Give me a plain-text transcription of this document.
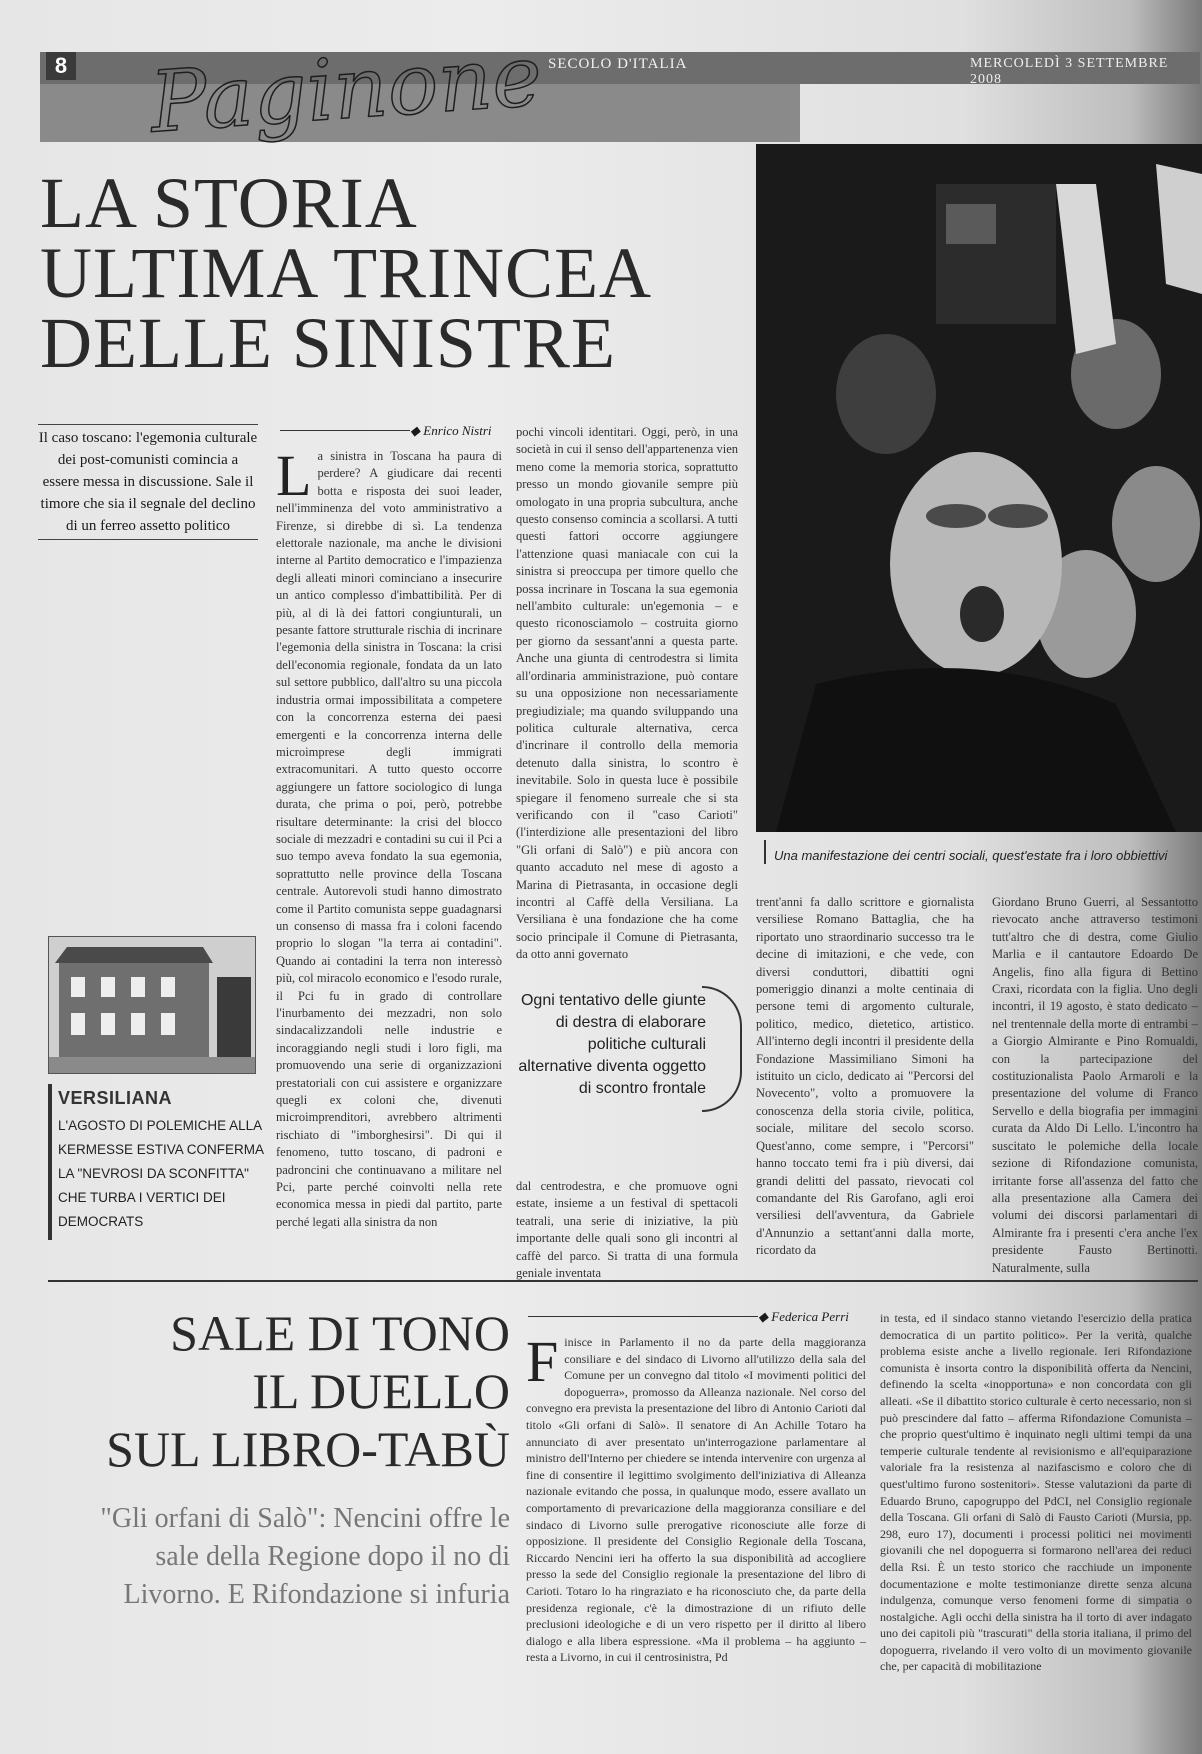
8 Paginone SECOLO D'ITALIA	MERCOLEDÌ 3 SETTEMBRE 2008
LA STORIA
ULTIMA TRINCEA
DELLE SINISTRE
Il caso toscano: l'egemonia culturale dei post-comunisti comincia a essere messa in discussione. Sale il timore che sia il segnale del declino di un ferreo assetto politico
◆ Enrico Nistri
L a sinistra in Toscana ha paura di perdere? A giudicare dai recenti botta e risposta dei suoi leader, nell'imminenza del voto amministrativo a Firenze, si direbbe di sì. La tendenza elettorale nazionale, ma anche le divisioni interne al Partito democratico e l'impazienza degli alleati minori cominciano a insecurire un antico complesso d'imbattibilità. Per di più, al di là dei fattori congiunturali, un pesante fattore strutturale rischia di incrinare l'egemonia della sinistra in Toscana: la crisi dell'economia regionale, fondata da un lato sul settore pubblico, dall'altro su una piccola industria ormai impossibilitata a competere con la concorrenza esterna dei paesi emergenti e la concorrenza interna delle microimprese degli immigrati extracomunitari. A tutto questo occorre aggiungere un fattore sociologico di lunga durata, che prima o poi, però, potrebbe risultare determinante: la crisi del blocco sociale di mezzadri e contadini su cui il Pci a suo tempo aveva fondato la sua egemonia, soprattutto nelle province della Toscana centrale. Autorevoli studi hanno dimostrato come il Partito comunista seppe guadagnarsi un consenso di massa fra i coloni facendo proprio lo slogan "la terra ai contadini". Quando ai contadini la terra non interessò più, col miracolo economico e l'esodo rurale, il Pci fu in grado di controllare l'inurbamento dei mezzadri, non solo sindacalizzandoli nelle industrie e incoraggiando negli studi i loro figli, ma promuovendo una serie di organizzazioni prestatoriali con cui assistere e organizzare quegli ex coloni che, divenuti microimprenditori, avrebbero altrimenti rischiato di "imborghesirsi". Di qui il fenomeno, tutto toscano, di padroni e padroncini che continuavano a militare nel Pci, parte perché coinvolti nella rete economica messa in piedi dal partito, parte perché legati alla sinistra da non
pochi vincoli identitari. Oggi, però, in una società in cui il senso dell'appartenenza vien meno come la memoria storica, soprattutto presso un mondo giovanile sempre più omologato in una propria subcultura, anche questo consenso comincia a scollarsi. A tutti questi fattori occorre aggiungere l'attenzione quasi maniacale con cui la sinistra si preoccupa per timore quello che possa incrinare in Toscana la sua egemonia nell'ambito culturale: un'egemonia – e questo riconosciamolo – costruita giorno per giorno da sessant'anni a questa parte. Anche una giunta di centrodestra si limita all'ordinaria amministrazione, può contare su una opposizione non necessariamente pregiudiziale; ma quando sviluppando una politica culturale alternativa, cerca d'incrinare il controllo della memoria detenuto dalla sinistra, lo scontro è inevitabile. Solo in questa luce è possibile spiegare il fenomeno surreale che si sta verificando con il "caso Carioti" (l'interdizione alle presentazioni del libro "Gli orfani di Salò") e più ancora con quanto accaduto nel mese di agosto a Marina di Pietrasanta, in occasione degli incontri al Caffè della Versiliana. La Versiliana è una fondazione che ha come socio principale il Comune di Pietrasanta, da otto anni governato
dal centrodestra, e che promuove ogni estate, insieme a un festival di spettacoli teatrali, una serie di iniziative, la più importante delle quali sono gli incontri al caffè del parco. Si tratta di una formula geniale inventata
Ogni tentativo delle giunte di destra di elaborare politiche culturali alternative diventa oggetto di scontro frontale
trent'anni fa dallo scrittore e giornalista versiliese Romano Battaglia, che ha riportato uno straordinario successo tra le decine di imitazioni, e che vede, con diversi conduttori, dibattiti ogni pomeriggio dinanzi a molte centinaia di persone temi di argomento culturale, politico, medico, dietetico, artistico. All'interno degli incontri il presidente della Fondazione Massimiliano Simoni ha istituito un ciclo, dedicato ai "Percorsi del Novecento", volto a promuovere la conoscenza della storia civile, politica, sociale, militare del secolo scorso. Quest'anno, come sempre, i "Percorsi" hanno toccato temi fra i più diversi, dai grandi delitti del passato, rievocati col comandante del Ris Garofano, agli eroi versiliesi dell'avventura, da Gabriele d'Annunzio a settant'anni dalla morte, ricordato da
Giordano Bruno Guerri, al Sessantotto rievocato anche attraverso testimoni tutt'altro che di destra, come Giulio Marlia e il cantautore Edoardo De Angelis, fino alla figura di Bettino Craxi, ricordata con la figlia. Uno degli incontri, il 19 agosto, è stato dedicato – nel trentennale della morte di entrambi – a Giorgio Almirante e Pino Romualdi, con la partecipazione del costituzionalista Paolo Armaroli e la presentazione del volume di Franco Servello e della biografia per immagini curata da Aldo Di Lello. L'incontro ha suscitato le polemiche della locale sezione di Rifondazione comunista, irritante forse all'assenza del fatto che alla presentazione alla Camera dei volumi dei discorsi parlamentari di Almirante fra i presenti c'era anche l'ex presidente Fausto Bertinotti. Naturalmente, sulla
Una manifestazione dei centri sociali, quest'estate fra i loro obbiettivi
VERSILIANA
L'AGOSTO DI POLEMICHE ALLA KERMESSE ESTIVA CONFERMA LA "NEVROSI DA SCONFITTA" CHE TURBA I VERTICI DEI DEMOCRATS
SALE DI TONO
IL DUELLO
SUL LIBRO-TABÙ
"Gli orfani di Salò": Nencini offre le sale della Regione dopo il no di Livorno. E Rifondazione si infuria
◆ Federica Perri
F inisce in Parlamento il no da parte della maggioranza consiliare e del sindaco di Livorno all'utilizzo della sala del Comune per un convegno dal titolo «I movimenti politici del dopoguerra», promosso da Alleanza nazionale. Nel corso del convegno era prevista la presentazione del libro di Antonio Carioti dal titolo «Gli orfani di Salò». Il senatore di An Achille Totaro ha annunciato di aver presentato un'interrogazione parlamentare al ministro dell'Interno per chiedere se intenda intervenire con urgenza al fine di consentire il legittimo svolgimento dell'iniziativa di Alleanza nazionale evitando che possa, in qualunque modo, essere avallato un comportamento di prevaricazione della maggioranza consiliare e del sindaco di Livorno sulle prerogative riconosciute alle forze di opposizione. Il presidente del Consiglio Regionale della Toscana, Riccardo Nencini ieri ha offerto la sua disponibilità ad accogliere presso la sede del Consiglio regionale la presentazione del libro di Carioti. Totaro lo ha ringraziato e ha riconosciuto che, da parte della presidenza regionale, c'è la dimostrazione di un rifiuto delle preclusioni ideologiche e di un vero rispetto per il diritto al libero dialogo e alla libera espressione. «Ma il problema – ha aggiunto – resta a Livorno, in cui il centrosinistra, Pd
in testa, ed il sindaco stanno vietando l'esercizio della pratica democratica di un partito politico». Per la verità, qualche problema esiste anche a livello regionale. Ieri Rifondazione comunista è insorta contro la disponibilità offerta da Nencini, definendo la scelta «inopportuna» e non concordata con gli alleati. «Se il dibattito storico culturale è certo necessario, non si può prescindere dal fatto – afferma Rifondazione Comunista – che proprio quest'ultimo è inquinato negli ultimi tempi da una temperie culturale tendente al revisionismo e all'equiparazione valoriale fra la resistenza al nazifascismo e coloro che di quest'ultimo furono sostenitori». Stesse valutazioni da parte di Eduardo Bruno, capogruppo del PdCI, nel Consiglio regionale della Toscana. Gli orfani di Salò di Fausto Carioti (Mursia, pp. 298, euro 17), documenti i processi politici nei movimenti giovanili che nel dopoguerra si formarono nell'area dei reduci della Rsi. È un testo storico che racchiude un imponente documentazione e molte testimonianze dirette senza alcuna indulgenza, comunque verso fenomeni forme di simpatia o nostalgiche. Agli occhi della sinistra ha il torto di aver indagato uno dei capitoli più "trascurati" della storia italiana, il primo del dopoguerra, rivelando il vero volto di un movimento giovanile che, per capacità di mobilitazione
